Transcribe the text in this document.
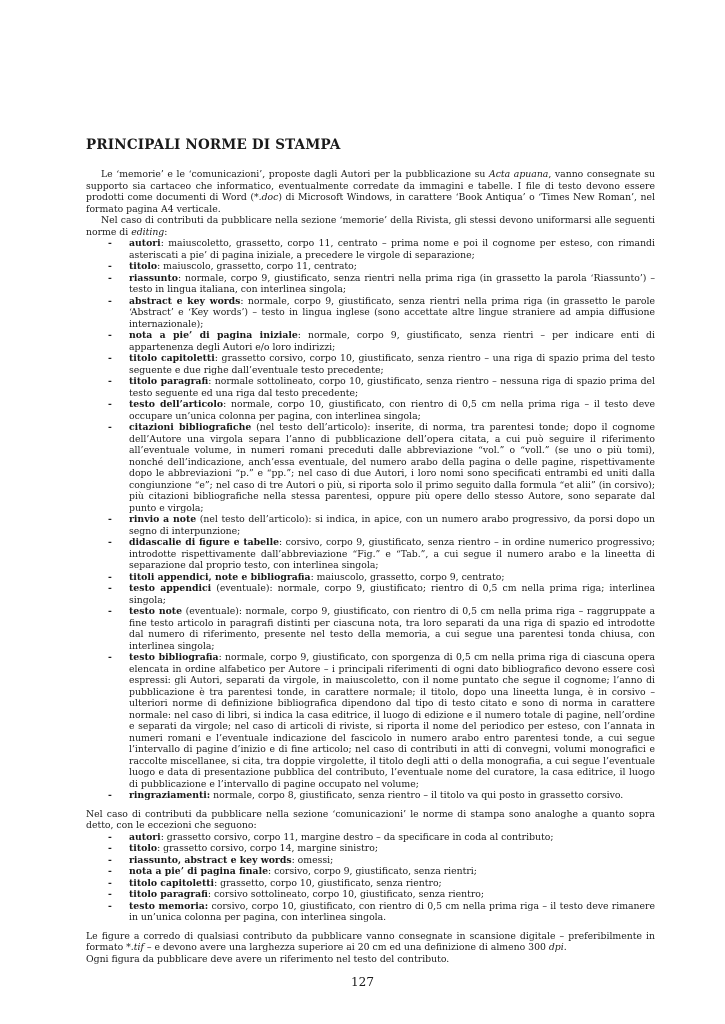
PRINCIPALI NORME DI STAMPA

Le ‘memorie’ e le ‘comunicazioni’, proposte dagli Autori per la pubblicazione su Acta apuana, vanno consegnate su supporto sia cartaceo che informatico, eventualmente corredate da immagini e tabelle. I file di testo devono essere prodotti come documenti di Word (*.doc) di Microsoft Windows, in carattere ‘Book Antiqua’ o ‘Times New Roman’, nel formato pagina A4 verticale.

Nel caso di contributi da pubblicare nella sezione ‘memorie’ della Rivista, gli stessi devono uniformarsi alle seguenti norme di editing:

- autori: maiuscoletto, grassetto, corpo 11, centrato – prima nome e poi il cognome per esteso, con rimandi asteriscati a pie’ di pagina iniziale, a precedere le virgole di separazione;
- titolo: maiuscolo, grassetto, corpo 11, centrato;
- riassunto: normale, corpo 9, giustificato, senza rientri nella prima riga (in grassetto la parola ‘Riassunto’) – testo in lingua italiana, con interlinea singola;
- abstract e key words: normale, corpo 9, giustificato, senza rientri nella prima riga (in grassetto le parole ‘Abstract’ e ‘Key words’) – testo in lingua inglese (sono accettate altre lingue straniere ad ampia diffusione internazionale);
- nota a pie’ di pagina iniziale: normale, corpo 9, giustificato, senza rientri – per indicare enti di appartenenza degli Autori e/o loro indirizzi;
- titolo capitoletti: grassetto corsivo, corpo 10, giustificato, senza rientro – una riga di spazio prima del testo seguente e due righe dall’eventuale testo precedente;
- titolo paragrafi: normale sottolineato, corpo 10, giustificato, senza rientro – nessuna riga di spazio prima del testo seguente ed una riga dal testo precedente;
- testo dell’articolo: normale, corpo 10, giustificato, con rientro di 0,5 cm nella prima riga – il testo deve occupare un’unica colonna per pagina, con interlinea singola;
- citazioni bibliografiche (nel testo dell’articolo): inserite, di norma, tra parentesi tonde; dopo il cognome dell’Autore una virgola separa l’anno di pubblicazione dell’opera citata, a cui può seguire il riferimento all’eventuale volume, in numeri romani preceduti dalle abbreviazione “vol.” o “voll.” (se uno o più tomi), nonché dell’indicazione, anch’essa eventuale, del numero arabo della pagina o delle pagine, rispettivamente dopo le abbreviazioni “p.” e “pp.”; nel caso di due Autori, i loro nomi sono specificati entrambi ed uniti dalla congiunzione “e”; nel caso di tre Autori o più, si riporta solo il primo seguito dalla formula “et alii” (in corsivo); più citazioni bibliografiche nella stessa parentesi, oppure più opere dello stesso Autore, sono separate dal punto e virgola;
- rinvio a note (nel testo dell’articolo): si indica, in apice, con un numero arabo progressivo, da porsi dopo un segno di interpunzione;
- didascalie di figure e tabelle: corsivo, corpo 9, giustificato, senza rientro – in ordine numerico progressivo; introdotte rispettivamente dall’abbreviazione “Fig.” e “Tab.”, a cui segue il numero arabo e la lineetta di separazione dal proprio testo, con interlinea singola;
- titoli appendici, note e bibliografia: maiuscolo, grassetto, corpo 9, centrato;
- testo appendici (eventuale): normale, corpo 9, giustificato; rientro di 0,5 cm nella prima riga; interlinea singola;
- testo note (eventuale): normale, corpo 9, giustificato, con rientro di 0,5 cm nella prima riga – raggruppate a fine testo articolo in paragrafi distinti per ciascuna nota, tra loro separati da una riga di spazio ed introdotte dal numero di riferimento, presente nel testo della memoria, a cui segue una parentesi tonda chiusa, con interlinea singola;
- testo bibliografia: normale, corpo 9, giustificato, con sporgenza di 0,5 cm nella prima riga di ciascuna opera elencata in ordine alfabetico per Autore – i principali riferimenti di ogni dato bibliografico devono essere così espressi: gli Autori, separati da virgole, in maiuscoletto, con il nome puntato che segue il cognome; l’anno di pubblicazione è tra parentesi tonde, in carattere normale; il titolo, dopo una lineetta lunga, è in corsivo – ulteriori norme di definizione bibliografica dipendono dal tipo di testo citato e sono di norma in carattere normale: nel caso di libri, si indica la casa editrice, il luogo di edizione e il numero totale di pagine, nell’ordine e separati da virgole; nel caso di articoli di riviste, si riporta il nome del periodico per esteso, con l’annata in numeri romani e l’eventuale indicazione del fascicolo in numero arabo entro parentesi tonde, a cui segue l’intervallo di pagine d’inizio e di fine articolo; nel caso di contributi in atti di convegni, volumi monografici e raccolte miscellanee, si cita, tra doppie virgolette, il titolo degli atti o della monografia, a cui segue l’eventuale luogo e data di presentazione pubblica del contributo, l’eventuale nome del curatore, la casa editrice, il luogo di pubblicazione e l’intervallo di pagine occupato nel volume;
- ringraziamenti: normale, corpo 8, giustificato, senza rientro – il titolo va qui posto in grassetto corsivo.

Nel caso di contributi da pubblicare nella sezione ‘comunicazioni’ le norme di stampa sono analoghe a quanto sopra detto, con le eccezioni che seguono:

- autori: grassetto corsivo, corpo 11, margine destro – da specificare in coda al contributo;
- titolo: grassetto corsivo, corpo 14, margine sinistro;
- riassunto, abstract e key words: omessi;
- nota a pie’ di pagina finale: corsivo, corpo 9, giustificato, senza rientri;
- titolo capitoletti: grassetto, corpo 10, giustificato, senza rientro;
- titolo paragrafi: corsivo sottolineato, corpo 10, giustificato, senza rientro;
- testo memoria: corsivo, corpo 10, giustificato, con rientro di 0,5 cm nella prima riga – il testo deve rimanere in un’unica colonna per pagina, con interlinea singola.

Le figure a corredo di qualsiasi contributo da pubblicare vanno consegnate in scansione digitale – preferibilmente in formato *.tif – e devono avere una larghezza superiore ai 20 cm ed una definizione di almeno 300 dpi.

Ogni figura da pubblicare deve avere un riferimento nel testo del contributo.

127
